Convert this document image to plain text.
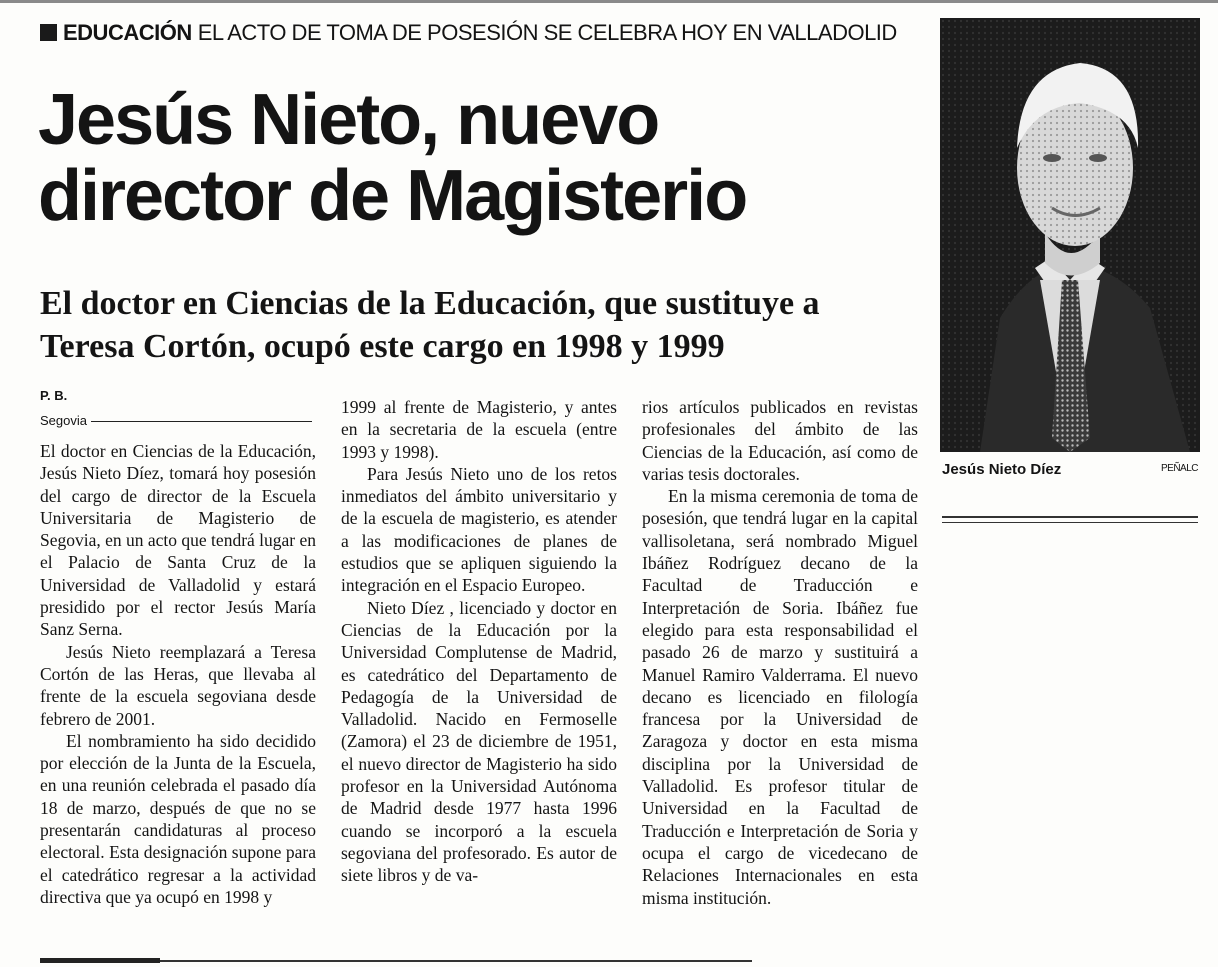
EDUCACIÓN EL ACTO DE TOMA DE POSESIÓN SE CELEBRA HOY EN VALLADOLID
Jesús Nieto, nuevo
director de Magisterio
El doctor en Ciencias de la Educación, que sustituye a
Teresa Cortón, ocupó este cargo en 1998 y 1999
P. B.
Segovia

El doctor en Ciencias de la Educación, Jesús Nieto Díez, tomará hoy posesión del cargo de director de la Escuela Universitaria de Magisterio de Segovia, en un acto que tendrá lugar en el Palacio de Santa Cruz de la Universidad de Valladolid y estará presidido por el rector Jesús María Sanz Serna.

Jesús Nieto reemplazará a Teresa Cortón de las Heras, que llevaba al frente de la escuela segoviana desde febrero de 2001.

El nombramiento ha sido decidido por elección de la Junta de la Escuela, en una reunión celebrada el pasado día 18 de marzo, después de que no se presentarán candidaturas al proceso electoral. Esta designación supone para el catedrático regresar a la actividad directiva que ya ocupó en 1998 y

1999 al frente de Magisterio, y antes en la secretaria de la escuela (entre 1993 y 1998).

Para Jesús Nieto uno de los retos inmediatos del ámbito universitario y de la escuela de magisterio, es atender a las modificaciones de planes de estudios que se apliquen siguiendo la integración en el Espacio Europeo.

Nieto Díez , licenciado y doctor en Ciencias de la Educación por la Universidad Complutense de Madrid, es catedrático del Departamento de Pedagogía de la Universidad de Valladolid. Nacido en Fermoselle (Zamora) el 23 de diciembre de 1951, el nuevo director de Magisterio ha sido profesor en la Universidad Autónoma de Madrid desde 1977 hasta 1996 cuando se incorporó a la escuela segoviana del profesorado. Es autor de siete libros y de va-

rios artículos publicados en revistas profesionales del ámbito de las Ciencias de la Educación, así como de varias tesis doctorales.

En la misma ceremonia de toma de posesión, que tendrá lugar en la capital vallisoletana, será nombrado Miguel Ibáñez Rodríguez decano de la Facultad de Traducción e Interpretación de Soria. Ibáñez fue elegido para esta responsabilidad el pasado 26 de marzo y sustituirá a Manuel Ramiro Valderrama. El nuevo decano es licenciado en filología francesa por la Universidad de Zaragoza y doctor en esta misma disciplina por la Universidad de Valladolid. Es profesor titular de Universidad en la Facultad de Traducción e Interpretación de Soria y ocupa el cargo de vicedecano de Relaciones Internacionales en esta misma institución.

Jesús Nieto Díez	PEÑALC
